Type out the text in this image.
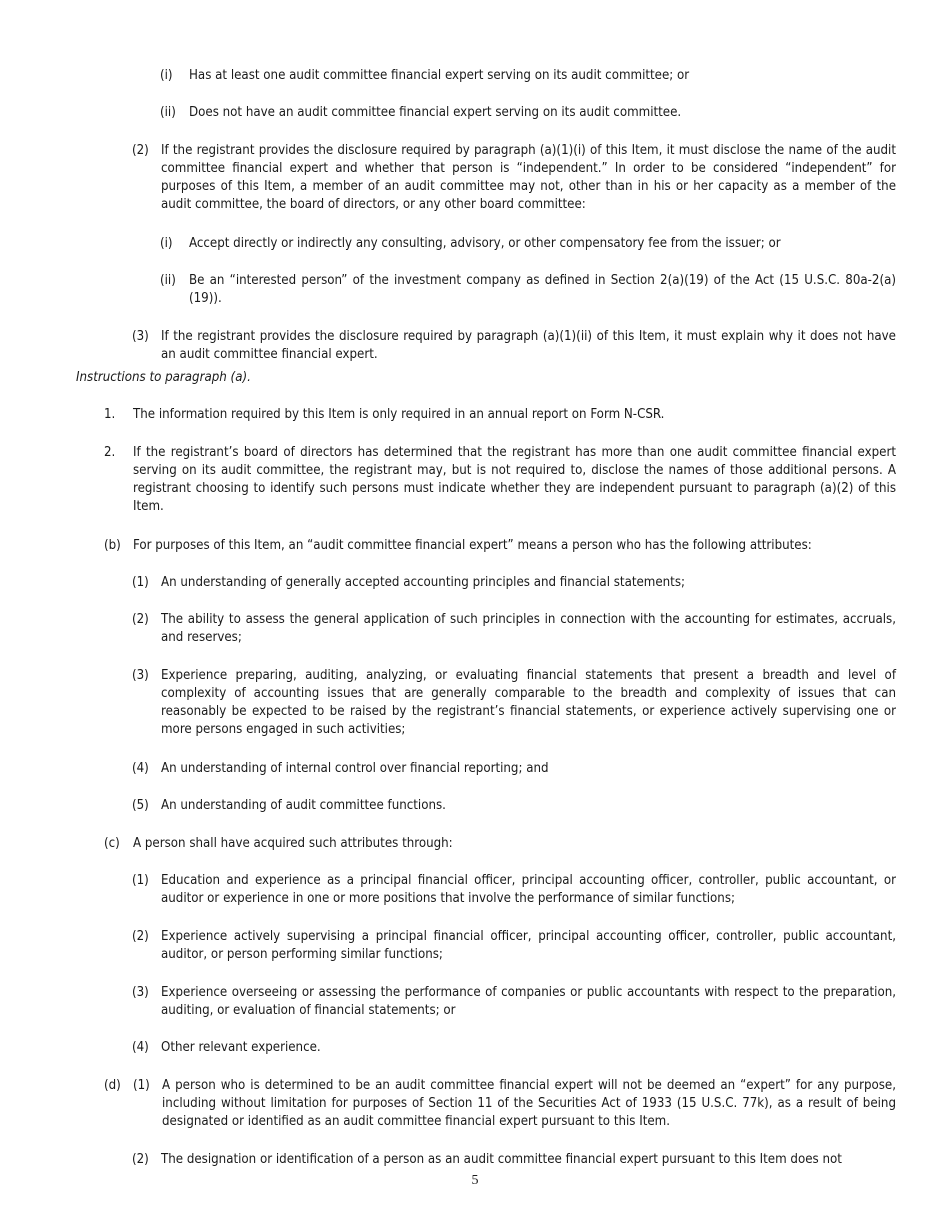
(i)	Has at least one audit committee financial expert serving on its audit committee; or
(ii) Does not have an audit committee financial expert serving on its audit committee.
(2) If the registrant provides the disclosure required by paragraph (a)(1)(i) of this Item, it must disclose the name of the audit committee financial expert and whether that person is “independent.” In order to be considered “independent” for purposes of this Item, a member of an audit committee may not, other than in his or her capacity as a member of the audit committee, the board of directors, or any other board committee:
(i)	Accept directly or indirectly any consulting, advisory, or other compensatory fee from the issuer; or
(ii) Be an “interested person” of the investment company as defined in Section 2(a)(19) of the Act (15 U.S.C. 80a-2(a)(19)).
(3) If the registrant provides the disclosure required by paragraph (a)(1)(ii) of this Item, it must explain why it does not have an audit committee financial expert.
Instructions to paragraph (a).
1.	The information required by this Item is only required in an annual report on Form N-CSR.
2.	If the registrant’s board of directors has determined that the registrant has more than one audit committee financial expert serving on its audit committee, the registrant may, but is not required to, disclose the names of those additional persons. A registrant choosing to identify such persons must indicate whether they are independent pursuant to paragraph (a)(2) of this Item.
(b) For purposes of this Item, an “audit committee financial expert” means a person who has the following attributes:
(1) An understanding of generally accepted accounting principles and financial statements;
(2) The ability to assess the general application of such principles in connection with the accounting for estimates, accruals, and reserves;
(3) Experience preparing, auditing, analyzing, or evaluating financial statements that present a breadth and level of complexity of accounting issues that are generally comparable to the breadth and complexity of issues that can reasonably be expected to be raised by the registrant’s financial statements, or experience actively supervising one or more persons engaged in such activities;
(4) An understanding of internal control over financial reporting; and
(5) An understanding of audit committee functions.
(c)	A person shall have acquired such attributes through:
(1) Education and experience as a principal financial officer, principal accounting officer, controller, public accountant, or auditor or experience in one or more positions that involve the performance of similar functions;
(2) Experience actively supervising a principal financial officer, principal accounting officer, controller, public accountant, auditor, or person performing similar functions;
(3) Experience overseeing or assessing the performance of companies or public accountants with respect to the preparation, auditing, or evaluation of financial statements; or
(4) Other relevant experience.
(d) (1) A person who is determined to be an audit committee financial expert will not be deemed an “expert” for any purpose, including without limitation for purposes of Section 11 of the Securities Act of 1933 (15 U.S.C. 77k), as a result of being designated or identified as an audit committee financial expert pursuant to this Item.
(2) The designation or identification of a person as an audit committee financial expert pursuant to this Item does not
5
